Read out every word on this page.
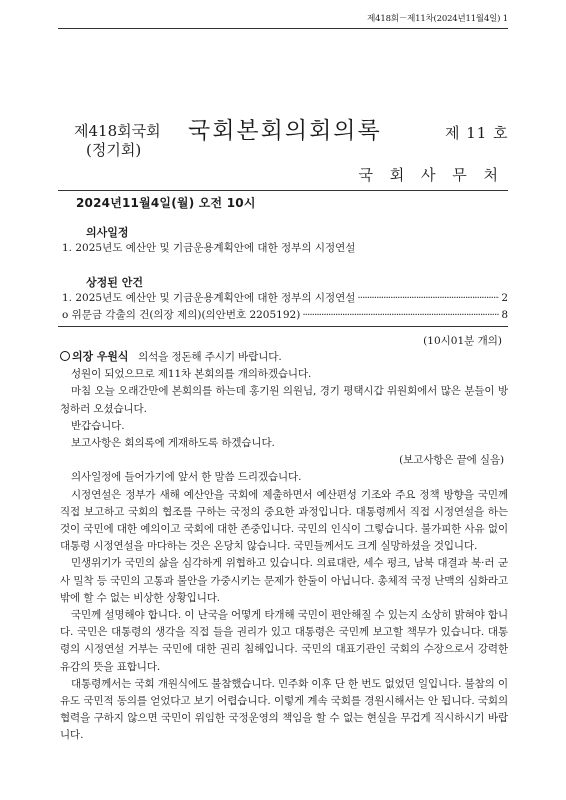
제418회－제11차(2024년11월4일) 1
제418회국회
(정기회)
국회본회의회의록	제 11 호
국 회 사 무 처
2024년11월4일(월) 오전 10시
의사일정
1. 2025년도 예산안 및 기금운용계획안에 대한 정부의 시정연설
상정된 안건
1. 2025년도 예산안 및 기금운용계획안에 대한 정부의 시정연설 ·····	2
o 위문금 각출의 건(의장 제의)(의안번호 2205192) ·····	8
(10시01분 개의)

의장 우원식 의석을 정돈해 주시기 바랍니다.

성원이 되었으므로 제11차 본회의를 개의하겠습니다.

마침 오늘 오래간만에 본회의를 하는데 홍기원 의원님, 경기 평택시갑 위원회에서 많은 분들이 방청하러 오셨습니다.

반갑습니다.

보고사항은 회의록에 게재하도록 하겠습니다.

(보고사항은 끝에 실음)

의사일정에 들어가기에 앞서 한 말씀 드리겠습니다.

시정연설은 정부가 새해 예산안을 국회에 제출하면서 예산편성 기조와 주요 정책 방향을 국민께 직접 보고하고 국회의 협조를 구하는 국정의 중요한 과정입니다. 대통령께서 직접 시정연설을 하는 것이 국민에 대한 예의이고 국회에 대한 존중입니다. 국민의 인식이 그렇습니다. 불가피한 사유 없이 대통령 시정연설을 마다하는 것은 온당치 않습니다. 국민들께서도 크게 실망하셨을 것입니다.

민생위기가 국민의 삶을 심각하게 위협하고 있습니다. 의료대란, 세수 펑크, 남북 대결과 북·러 군사 밀착 등 국민의 고통과 불안을 가중시키는 문제가 한둘이 아닙니다. 총체적 국정 난맥의 심화라고밖에 할 수 없는 비상한 상황입니다.

국민께 설명해야 합니다. 이 난국을 어떻게 타개해 국민이 편안해질 수 있는지 소상히 밝혀야 합니다. 국민은 대통령의 생각을 직접 들을 권리가 있고 대통령은 국민께 보고할 책무가 있습니다. 대통령의 시정연설 거부는 국민에 대한 권리 침해입니다. 국민의 대표기관인 국회의 수장으로서 강력한 유감의 뜻을 표합니다.

대통령께서는 국회 개원식에도 불참했습니다. 민주화 이후 단 한 번도 없었던 일입니다. 불참의 이유도 국민적 동의를 얻었다고 보기 어렵습니다. 이렇게 계속 국회를 경원시해서는 안 됩니다. 국회의 협력을 구하지 않으면 국민이 위임한 국정운영의 책임을 할 수 없는 현실을 무겁게 직시하시기 바랍니다.
